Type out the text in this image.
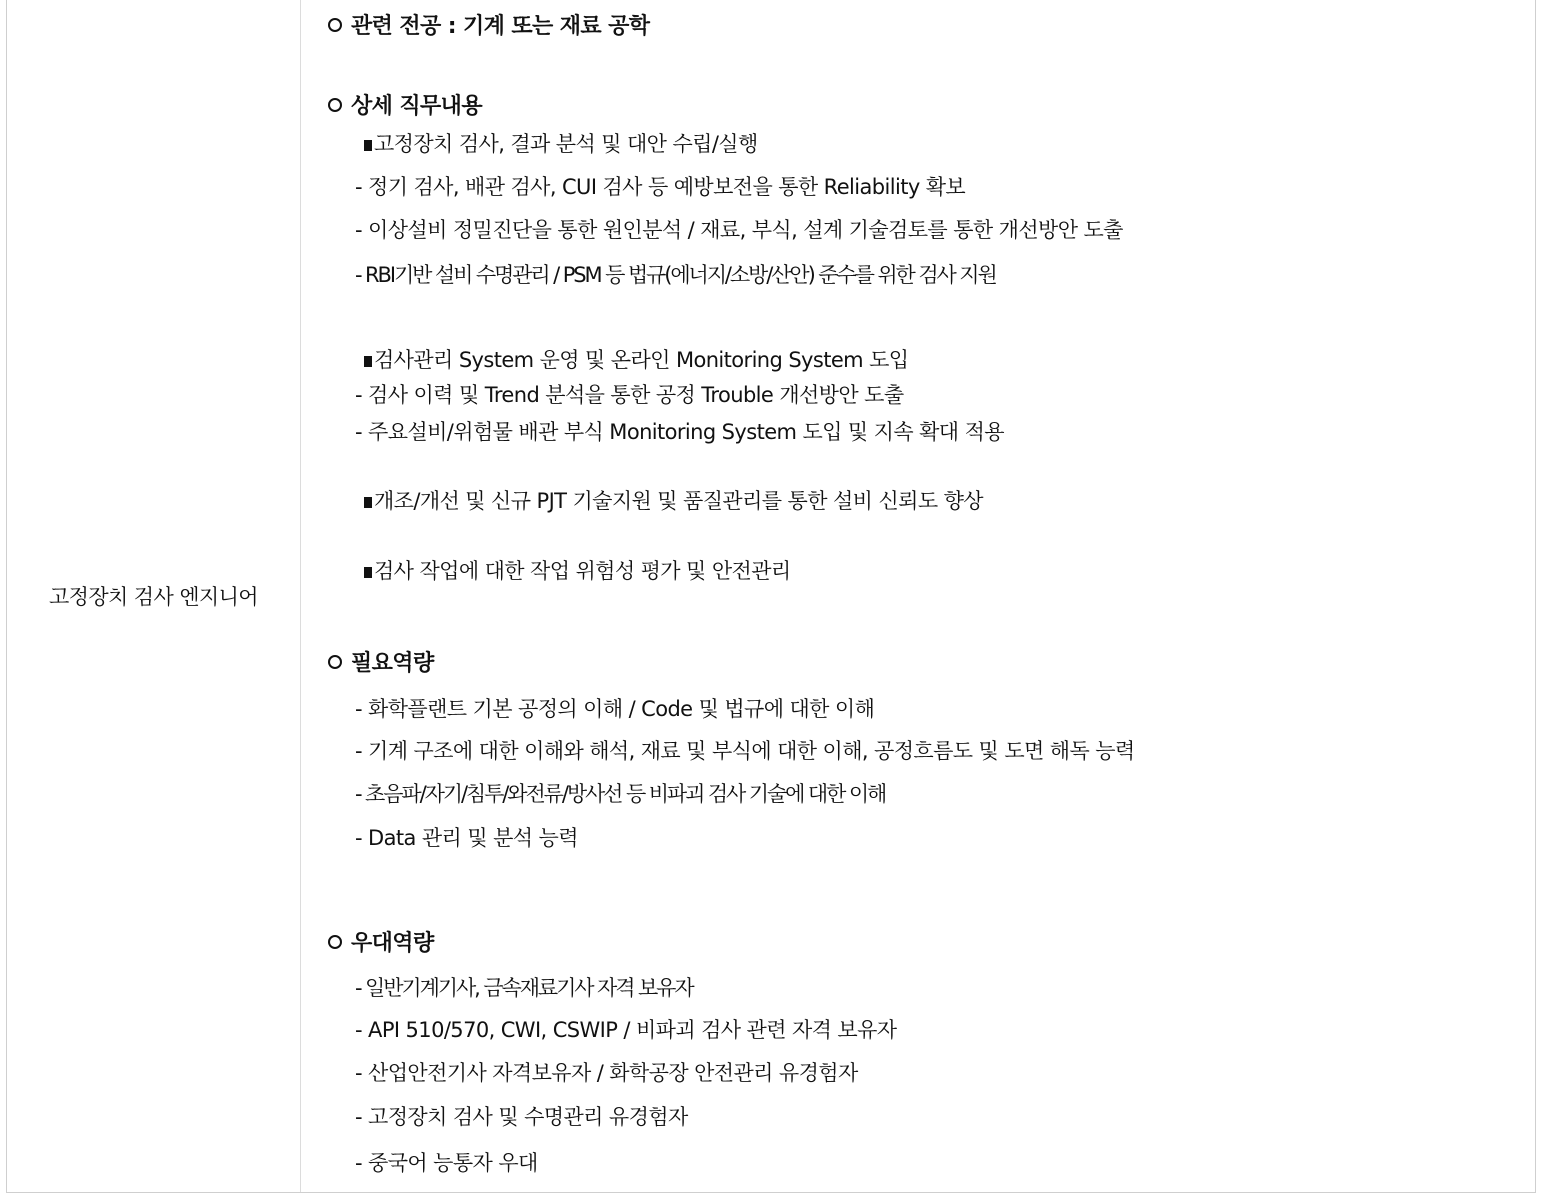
고정장치 검사 엔지니어
관련 전공 : 기계 또는 재료 공학
상세 직무내용
고정장치 검사, 결과 분석 및 대안 수립/실행
- 정기 검사, 배관 검사, CUI 검사 등 예방보전을 통한 Reliability 확보
- 이상설비 정밀진단을 통한 원인분석 / 재료, 부식, 설계 기술검토를 통한 개선방안 도출
- RBI기반 설비 수명관리 / PSM 등 법규(에너지/소방/산안) 준수를 위한 검사 지원
검사관리 System 운영 및 온라인 Monitoring System 도입
- 검사 이력 및 Trend 분석을 통한 공정 Trouble 개선방안 도출
- 주요설비/위험물 배관 부식 Monitoring System 도입 및 지속 확대 적용
개조/개선 및 신규 PJT 기술지원 및 품질관리를 통한 설비 신뢰도 향상
검사 작업에 대한 작업 위험성 평가 및 안전관리
필요역량
- 화학플랜트 기본 공정의 이해 / Code 및 법규에 대한 이해
- 기계 구조에 대한 이해와 해석, 재료 및 부식에 대한 이해, 공정흐름도 및 도면 해독 능력
- 초음파/자기/침투/와전류/방사선 등 비파괴 검사 기술에 대한 이해
- Data 관리 및 분석 능력
우대역량
- 일반기계기사, 금속재료기사 자격 보유자
- API 510/570, CWI, CSWIP / 비파괴 검사 관련 자격 보유자
- 산업안전기사 자격보유자 / 화학공장 안전관리 유경험자
- 고정장치 검사 및 수명관리 유경험자
- 중국어 능통자 우대
